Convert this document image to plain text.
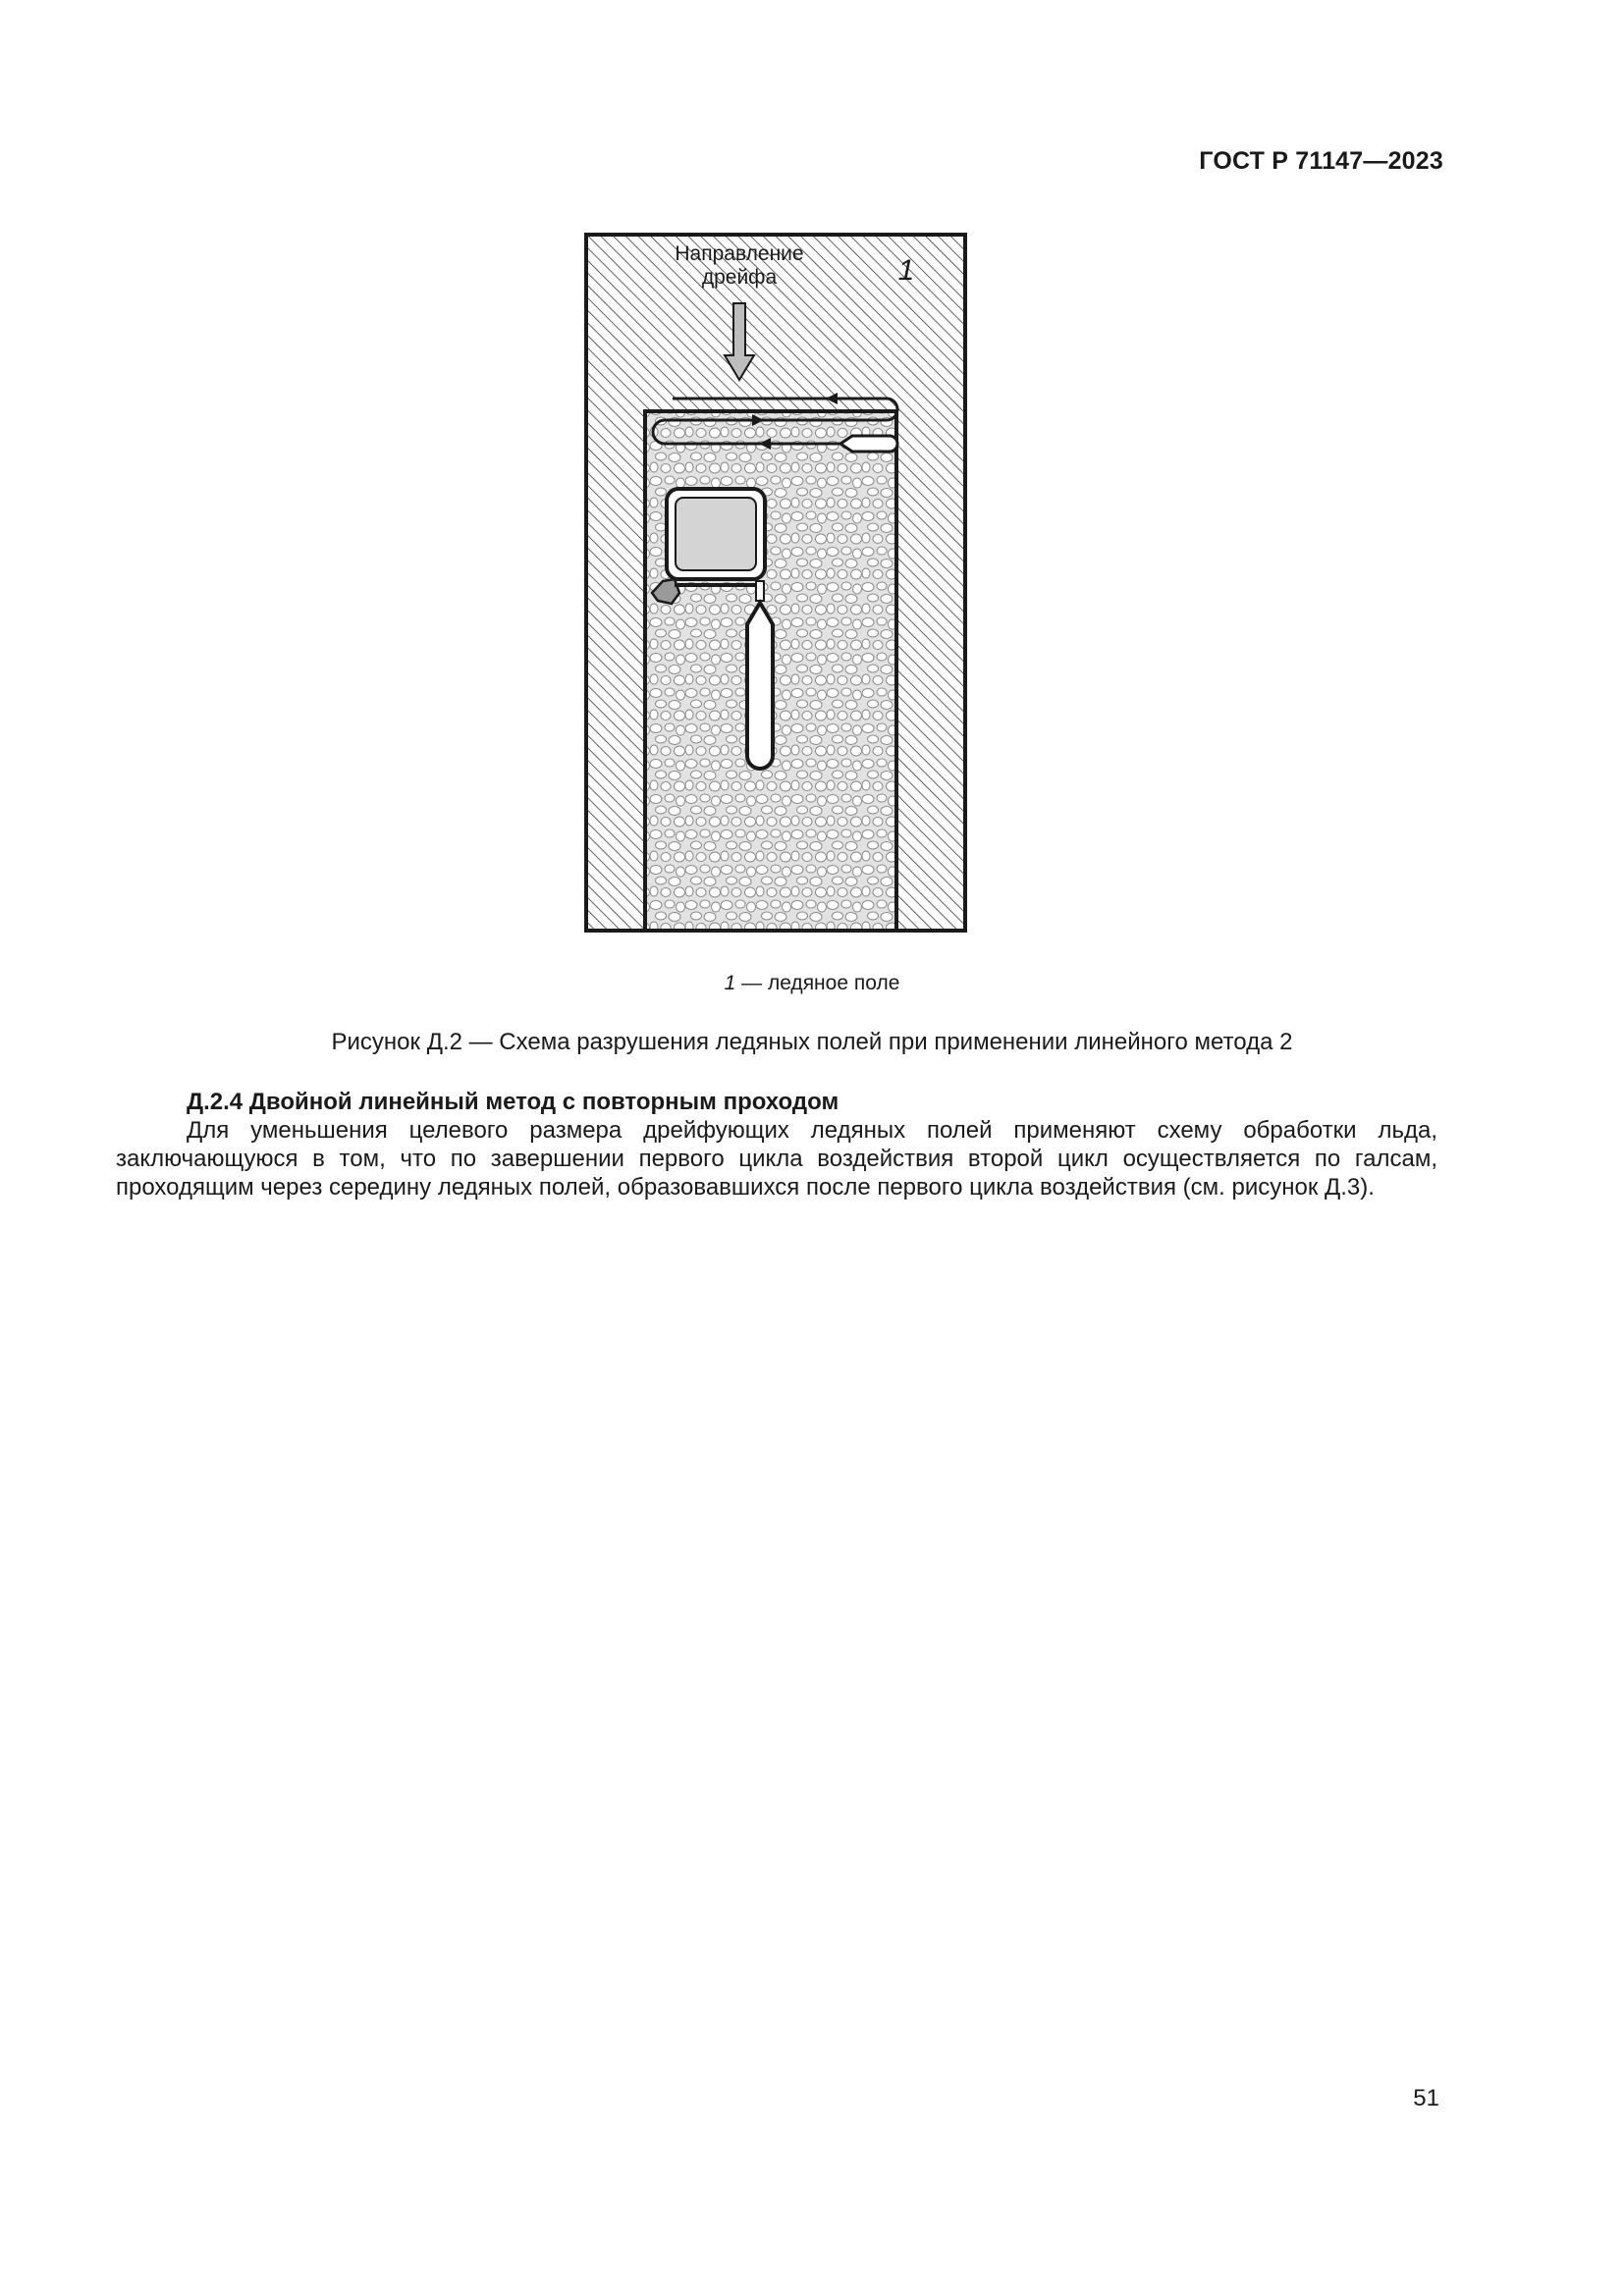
ГОСТ Р 71147—2023
Направление
дрейфа	1
1 — ледяное поле
Рисунок Д.2 — Схема разрушения ледяных полей при применении линейного метода 2
Д.2.4 Двойной линейный метод с повторным проходом

Для уменьшения целевого размера дрейфующих ледяных полей применяют схему обработки льда, заключающуюся в том, что по завершении первого цикла воздействия второй цикл осуществляется по галсам, проходящим через середину ледяных полей, образовавшихся после первого цикла воздействия (см. рисунок Д.3).

51
